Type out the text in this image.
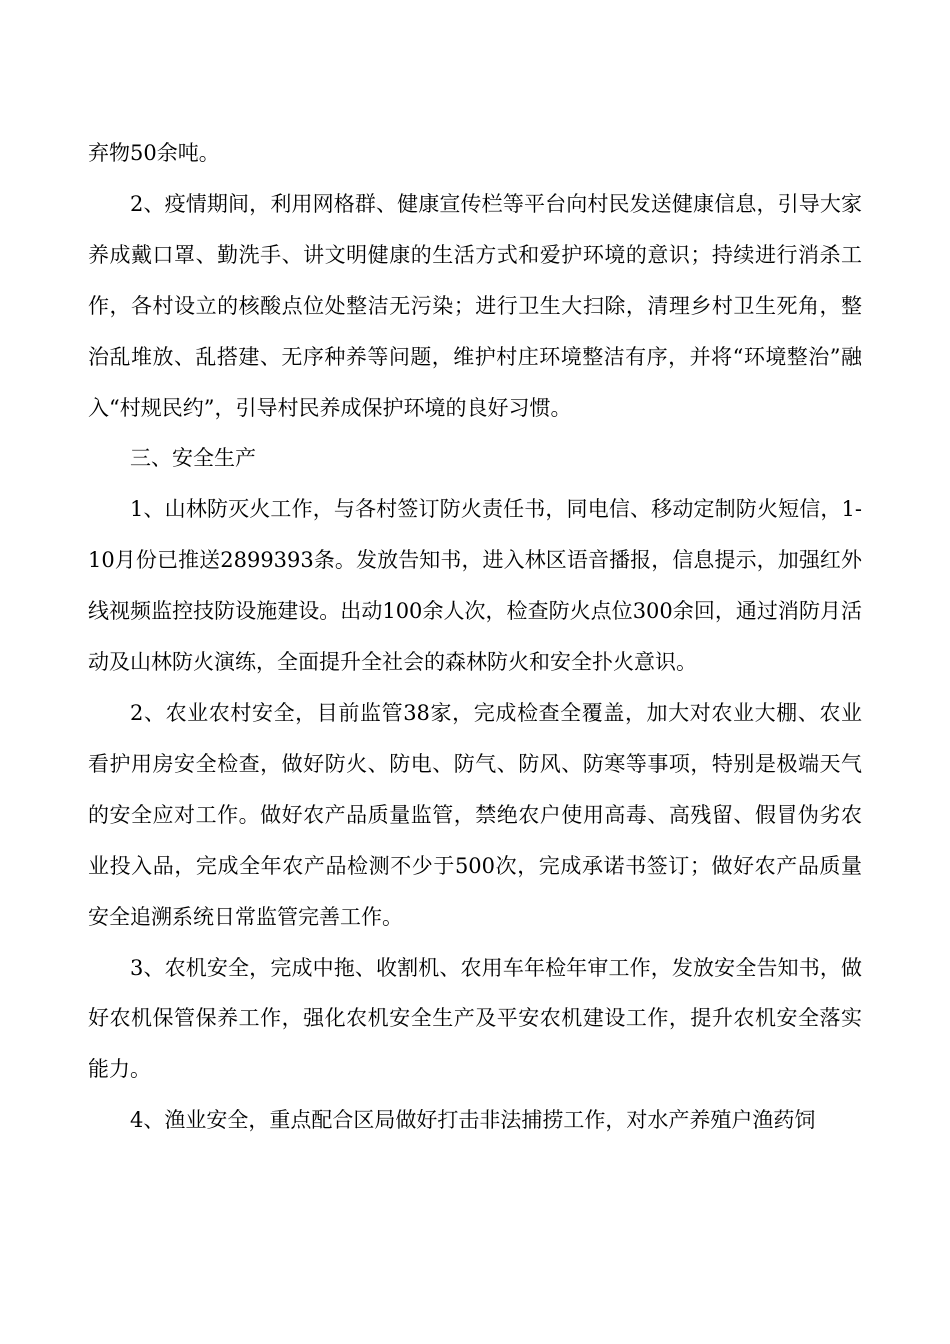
弃物50余吨。

2、疫情期间，利用网格群、健康宣传栏等平台向村民发送健康信息，引导大家养成戴口罩、勤洗手、讲文明健康的生活方式和爱护环境的意识；持续进行消杀工作，各村设立的核酸点位处整洁无污染；进行卫生大扫除，清理乡村卫生死角，整治乱堆放、乱搭建、无序种养等问题，维护村庄环境整洁有序，并将“环境整治”融入“村规民约”，引导村民养成保护环境的良好习惯。

三、安全生产

1、山林防灭火工作，与各村签订防火责任书，同电信、移动定制防火短信，1-10月份已推送2899393条。发放告知书，进入林区语音播报，信息提示，加强红外线视频监控技防设施建设。出动100余人次，检查防火点位300余回，通过消防月活动及山林防火演练，全面提升全社会的森林防火和安全扑火意识。

2、农业农村安全，目前监管38家，完成检查全覆盖，加大对农业大棚、农业看护用房安全检查，做好防火、防电、防气、防风、防寒等事项，特别是极端天气的安全应对工作。做好农产品质量监管，禁绝农户使用高毒、高残留、假冒伪劣农业投入品，完成全年农产品检测不少于500次，完成承诺书签订；做好农产品质量安全追溯系统日常监管完善工作。

3、农机安全，完成中拖、收割机、农用车年检年审工作，发放安全告知书，做好农机保管保养工作，强化农机安全生产及平安农机建设工作，提升农机安全落实能力。

4、渔业安全，重点配合区局做好打击非法捕捞工作，对水产养殖户渔药饲
